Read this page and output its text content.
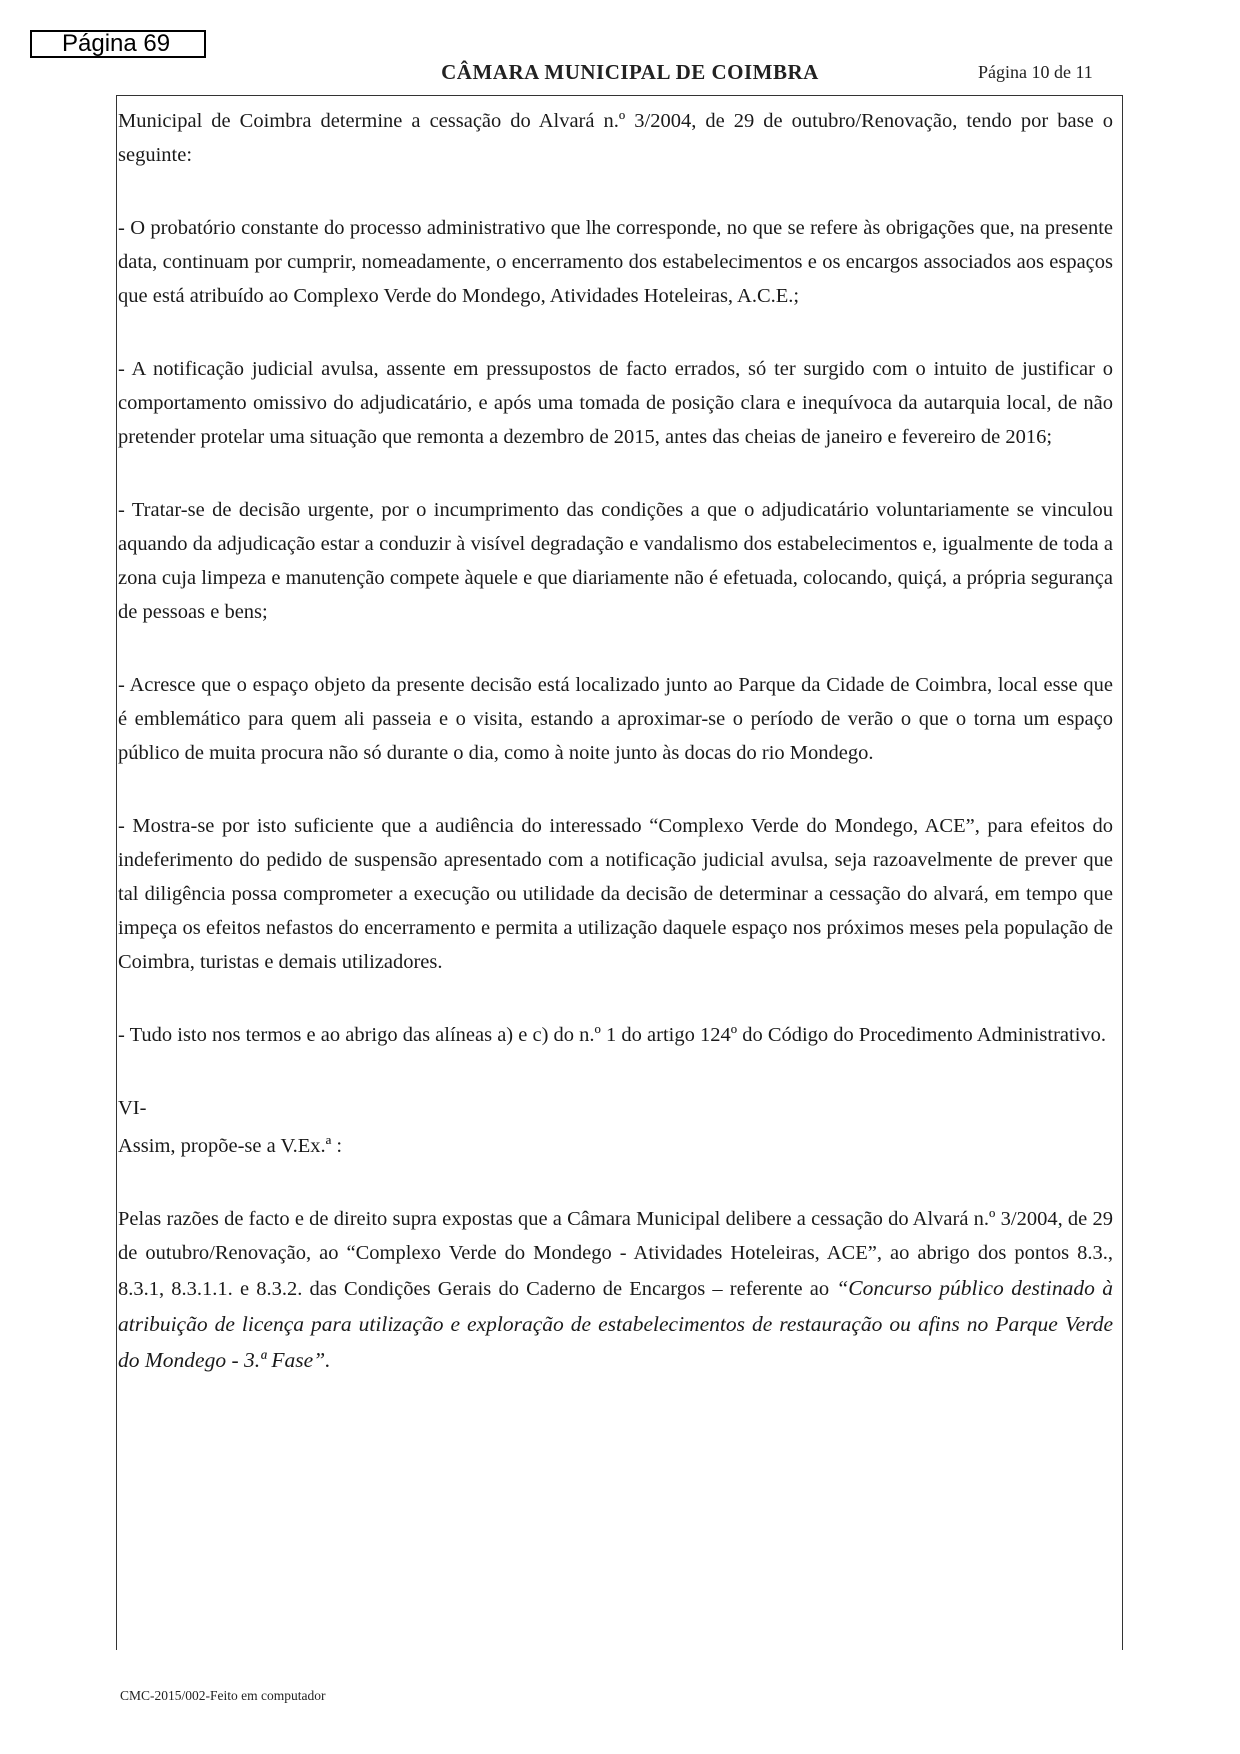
Página 69
CÂMARA MUNICIPAL DE COIMBRA	Página 10 de 11

Municipal de Coimbra determine a cessação do Alvará n.º 3/2004, de 29 de outubro/Renovação, tendo por base o seguinte:

- O probatório constante do processo administrativo que lhe corresponde, no que se refere às obrigações que, na presente data, continuam por cumprir, nomeadamente, o encerramento dos estabelecimentos e os encargos associados aos espaços que está atribuído ao Complexo Verde do Mondego, Atividades Hoteleiras, A.C.E.;

- A notificação judicial avulsa, assente em pressupostos de facto errados, só ter surgido com o intuito de justificar o comportamento omissivo do adjudicatário, e após uma tomada de posição clara e inequívoca da autarquia local, de não pretender protelar uma situação que remonta a dezembro de 2015, antes das cheias de janeiro e fevereiro de 2016;

- Tratar-se de decisão urgente, por o incumprimento das condições a que o adjudicatário voluntariamente se vinculou aquando da adjudicação estar a conduzir à visível degradação e vandalismo dos estabelecimentos e, igualmente de toda a zona cuja limpeza e manutenção compete àquele e que diariamente não é efetuada, colocando, quiçá, a própria segurança de pessoas e bens;

- Acresce que o espaço objeto da presente decisão está localizado junto ao Parque da Cidade de Coimbra, local esse que é emblemático para quem ali passeia e o visita, estando a aproximar-se o período de verão o que o torna um espaço público de muita procura não só durante o dia, como à noite junto às docas do rio Mondego.

- Mostra-se por isto suficiente que a audiência do interessado “Complexo Verde do Mondego, ACE”, para efeitos do indeferimento do pedido de suspensão apresentado com a notificação judicial avulsa, seja razoavelmente de prever que tal diligência possa comprometer a execução ou utilidade da decisão de determinar a cessação do alvará, em tempo que impeça os efeitos nefastos do encerramento e permita a utilização daquele espaço nos próximos meses pela população de Coimbra, turistas e demais utilizadores.

- Tudo isto nos termos e ao abrigo das alíneas a) e c) do n.º 1 do artigo 124º do Código do Procedimento Administrativo.

VI-

Assim, propõe-se a V.Ex.ª :

Pelas razões de facto e de direito supra expostas que a Câmara Municipal delibere a cessação do Alvará n.º 3/2004, de 29 de outubro/Renovação, ao “Complexo Verde do Mondego - Atividades Hoteleiras, ACE”, ao abrigo dos pontos 8.3., 8.3.1, 8.3.1.1. e 8.3.2. das Condições Gerais do Caderno de Encargos – referente ao “Concurso público destinado à atribuição de licença para utilização e exploração de estabelecimentos de restauração ou afins no Parque Verde do Mondego - 3.ª Fase”.

CMC-2015/002-Feito em computador
